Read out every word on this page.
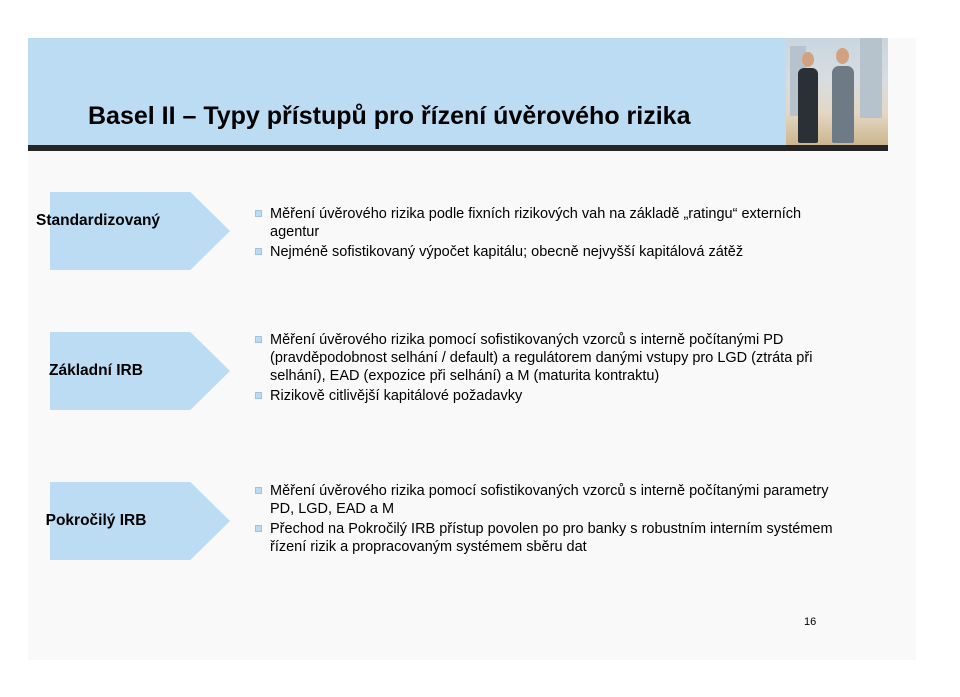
Basel II – Typy přístupů pro řízení úvěrového rizika
Standardizovaný	Měření úvěrového rizika podle fixních rizikových vah na základě „ratingu“ externích agentur
Nejméně sofistikovaný výpočet kapitálu; obecně nejvyšší kapitálová zátěž
Základní IRB
Měření úvěrového rizika pomocí sofistikovaných vzorců s interně počítanými PD (pravděpodobnost selhání / default) a regulátorem danými vstupy pro LGD (ztráta při selhání), EAD (expozice při selhání) a M (maturita kontraktu)
Rizikově citlivější kapitálové požadavky
Pokročilý IRB
Měření úvěrového rizika pomocí sofistikovaných vzorců s interně počítanými parametry PD, LGD, EAD a M
Přechod na Pokročilý IRB přístup povolen po pro banky s robustním interním systémem řízení rizik a propracovaným systémem sběru dat
16
